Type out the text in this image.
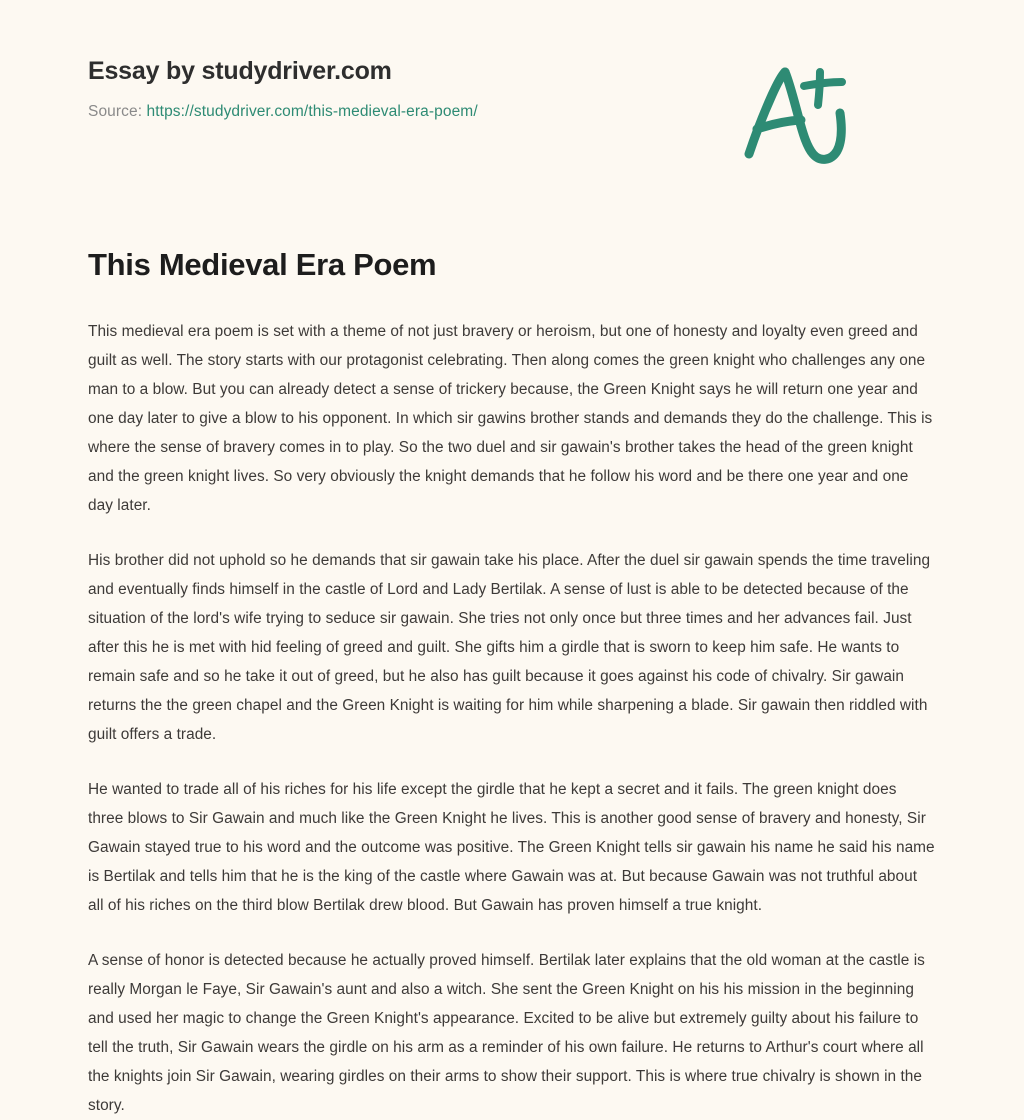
Essay by studydriver.com
Source: https://studydriver.com/this-medieval-era-poem/
This Medieval Era Poem

This medieval era poem is set with a theme of not just bravery or heroism, but one of honesty and loyalty even greed and guilt as well. The story starts with our protagonist celebrating. Then along comes the green knight who challenges any one man to a blow. But you can already detect a sense of trickery because, the Green Knight says he will return one year and one day later to give a blow to his opponent. In which sir gawins brother stands and demands they do the challenge. This is where the sense of bravery comes in to play. So the two duel and sir gawain's brother takes the head of the green knight and the green knight lives. So very obviously the knight demands that he follow his word and be there one year and one day later.

His brother did not uphold so he demands that sir gawain take his place. After the duel sir gawain spends the time traveling and eventually finds himself in the castle of Lord and Lady Bertilak. A sense of lust is able to be detected because of the situation of the lord's wife trying to seduce sir gawain. She tries not only once but three times and her advances fail. Just after this he is met with hid feeling of greed and guilt. She gifts him a girdle that is sworn to keep him safe. He wants to remain safe and so he take it out of greed, but he also has guilt because it goes against his code of chivalry. Sir gawain returns the the green chapel and the Green Knight is waiting for him while sharpening a blade. Sir gawain then riddled with guilt offers a trade.

He wanted to trade all of his riches for his life except the girdle that he kept a secret and it fails. The green knight does three blows to Sir Gawain and much like the Green Knight he lives. This is another good sense of bravery and honesty, Sir Gawain stayed true to his word and the outcome was positive. The Green Knight tells sir gawain his name he said his name is Bertilak and tells him that he is the king of the castle where Gawain was at. But because Gawain was not truthful about all of his riches on the third blow Bertilak drew blood. But Gawain has proven himself a true knight.

A sense of honor is detected because he actually proved himself. Bertilak later explains that the old woman at the castle is really Morgan le Faye, Sir Gawain's aunt and also a witch. She sent the Green Knight on his his mission in the beginning and used her magic to change the Green Knight's appearance. Excited to be alive but extremely guilty about his failure to tell the truth, Sir Gawain wears the girdle on his arm as a reminder of his own failure. He returns to Arthur's court where all the knights join Sir Gawain, wearing girdles on their arms to show their support. This is where true chivalry is shown in the story.
